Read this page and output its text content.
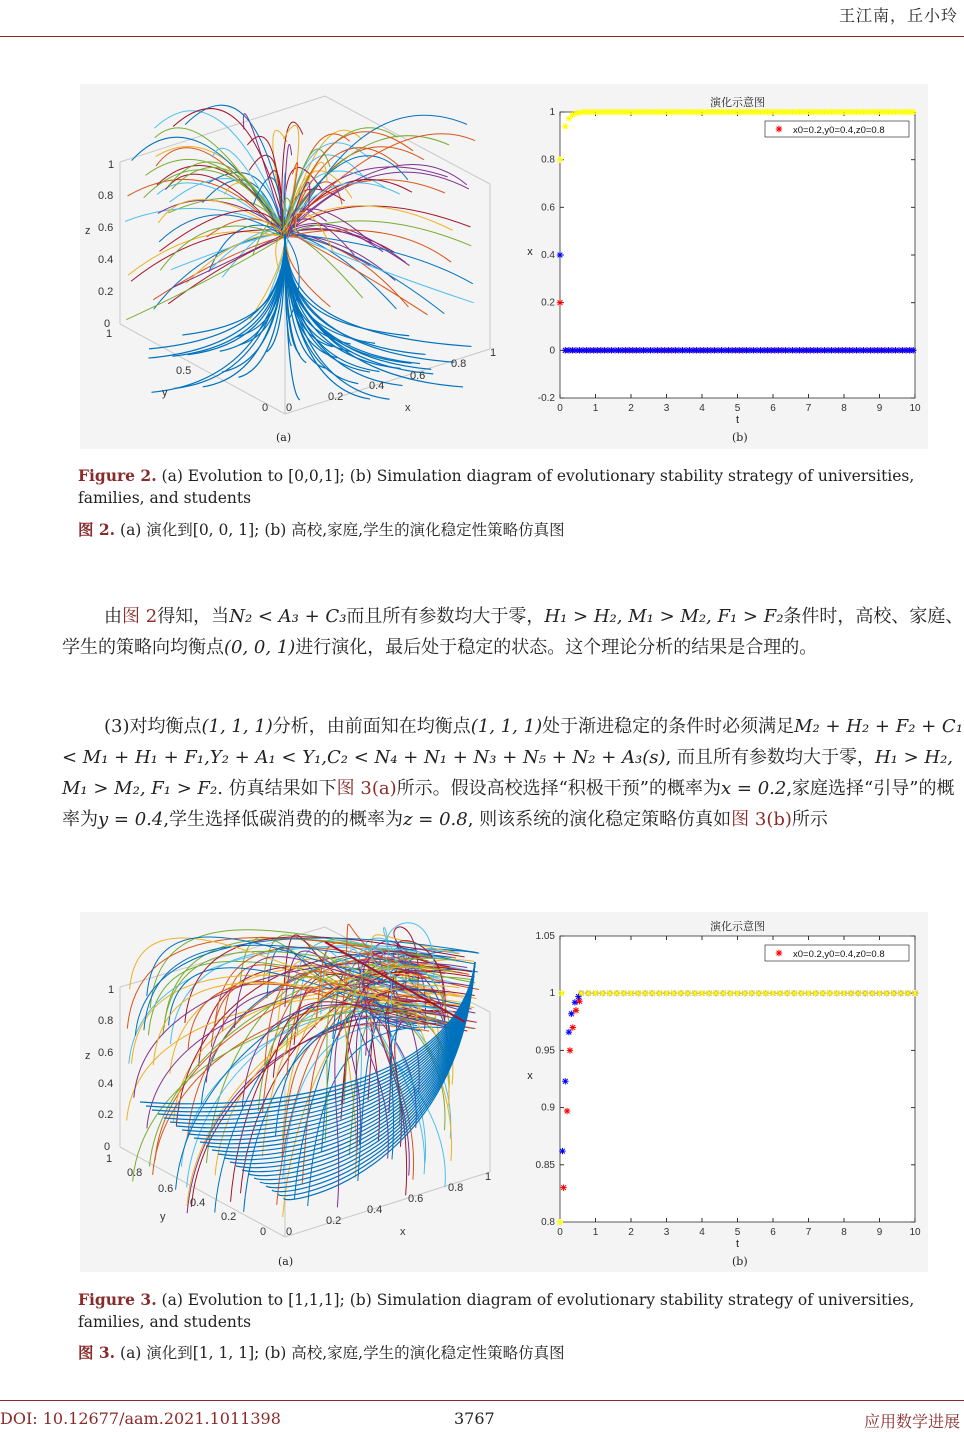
王江南，丘小玲
0
0.2
0.4
0.6
0.8
1
z
1
0.5
0
y
0
0.2
0.4
0.6
0.8
1
x
(a)
演化示意图
0	1	2	3	4	5	6	7	8	9	10
-0.2
0
0.2
0.4
0.6
0.8
1
t
x
x0=0.2,y0=0.4,z0=0.8
(b)
Figure 2. (a) Evolution to [0,0,1]; (b) Simulation diagram of evolutionary stability strategy of universities, families, and students
图 2. (a) 演化到[0, 0, 1]; (b) 高校,家庭,学生的演化稳定性策略仿真图
由图 2得知，当N₂ < A₃ + C₃而且所有参数均大于零，H₁ > H₂, M₁ > M₂, F₁ > F₂条件时，高校、家庭、学生的策略向均衡点(0, 0, 1)进行演化，最后处于稳定的状态。这个理论分析的结果是合理的。
(3)对均衡点(1, 1, 1)分析，由前面知在均衡点(1, 1, 1)处于渐进稳定的条件时必须满足M₂ + H₂ + F₂ + C₁ < M₁ + H₁ + F₁,Y₂ + A₁ < Y₁,C₂ < N₄ + N₁ + N₃ + N₅ + N₂ + A₃(s), 而且所有参数均大于零，H₁ > H₂, M₁ > M₂, F₁ > F₂. 仿真结果如下图 3(a)所示。假设高校选择“积极干预”的概率为x = 0.2,家庭选择“引导”的概率为y = 0.4,学生选择低碳消费的的概率为z = 0.8, 则该系统的演化稳定策略仿真如图 3(b)所示
0
0.2
0.4
0.6
0.8
1
z
1
0.8
0.6
0.4
0.2
0
y
0
0.2
0.4
0.6
0.8
1
x
(a)
演化示意图
0	1	2	3	4	5	6	7	8	9	10
0.8
0.85
0.9
0.95
1
1.05
t
x
x0=0.2,y0=0.4,z0=0.8
(b)
Figure 3. (a) Evolution to [1,1,1]; (b) Simulation diagram of evolutionary stability strategy of universities, families, and students
图 3. (a) 演化到[1, 1, 1]; (b) 高校,家庭,学生的演化稳定性策略仿真图
DOI: 10.12677/aam.2021.1011398	3767	应用数学进展
